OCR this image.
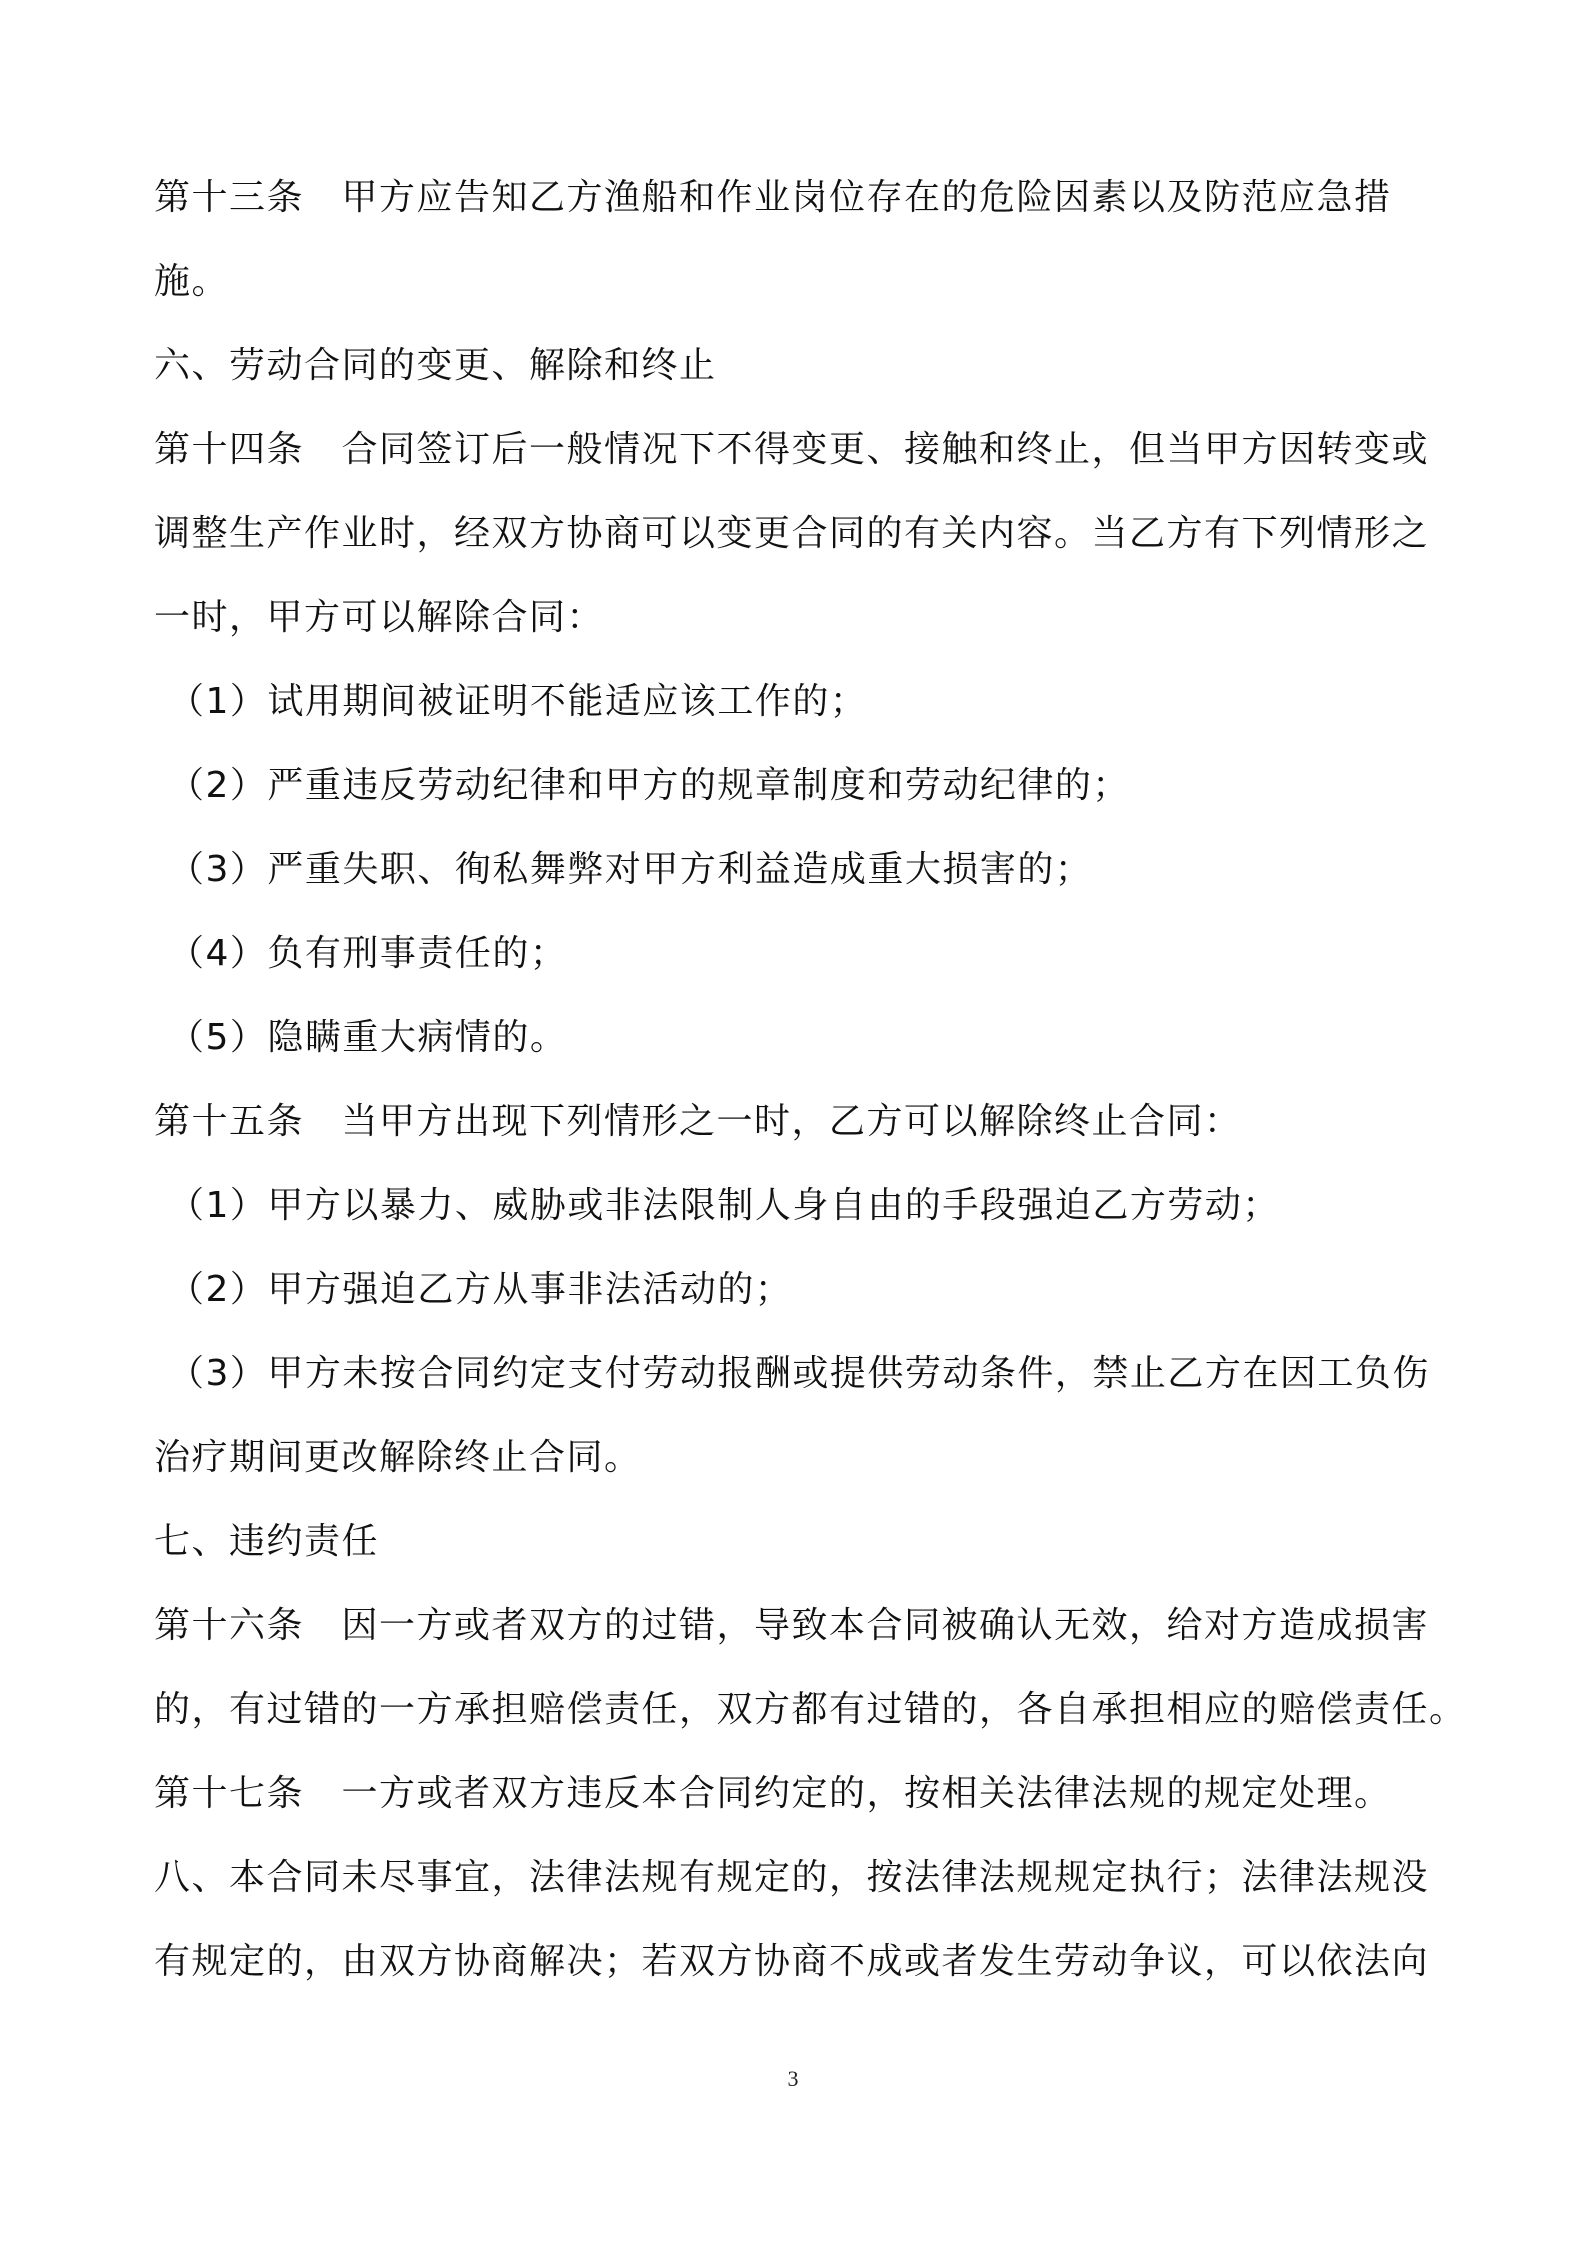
第十三条　甲方应告知乙方渔船和作业岗位存在的危险因素以及防范应急措
施。
六、劳动合同的变更、解除和终止
第十四条　合同签订后一般情况下不得变更、接触和终止，但当甲方因转变或
调整生产作业时，经双方协商可以变更合同的有关内容。当乙方有下列情形之
一时，甲方可以解除合同：
（1）试用期间被证明不能适应该工作的；
（2）严重违反劳动纪律和甲方的规章制度和劳动纪律的；
（3）严重失职、徇私舞弊对甲方利益造成重大损害的；
（4）负有刑事责任的；
（5）隐瞒重大病情的。
第十五条　当甲方出现下列情形之一时，乙方可以解除终止合同：
（1）甲方以暴力、威胁或非法限制人身自由的手段强迫乙方劳动；
（2）甲方强迫乙方从事非法活动的；
（3）甲方未按合同约定支付劳动报酬或提供劳动条件，禁止乙方在因工负伤
治疗期间更改解除终止合同。
七、违约责任
第十六条　因一方或者双方的过错，导致本合同被确认无效，给对方造成损害
的，有过错的一方承担赔偿责任，双方都有过错的，各自承担相应的赔偿责任。
第十七条　一方或者双方违反本合同约定的，按相关法律法规的规定处理。
八、本合同未尽事宜，法律法规有规定的，按法律法规规定执行；法律法规没
有规定的，由双方协商解决；若双方协商不成或者发生劳动争议，可以依法向
3
